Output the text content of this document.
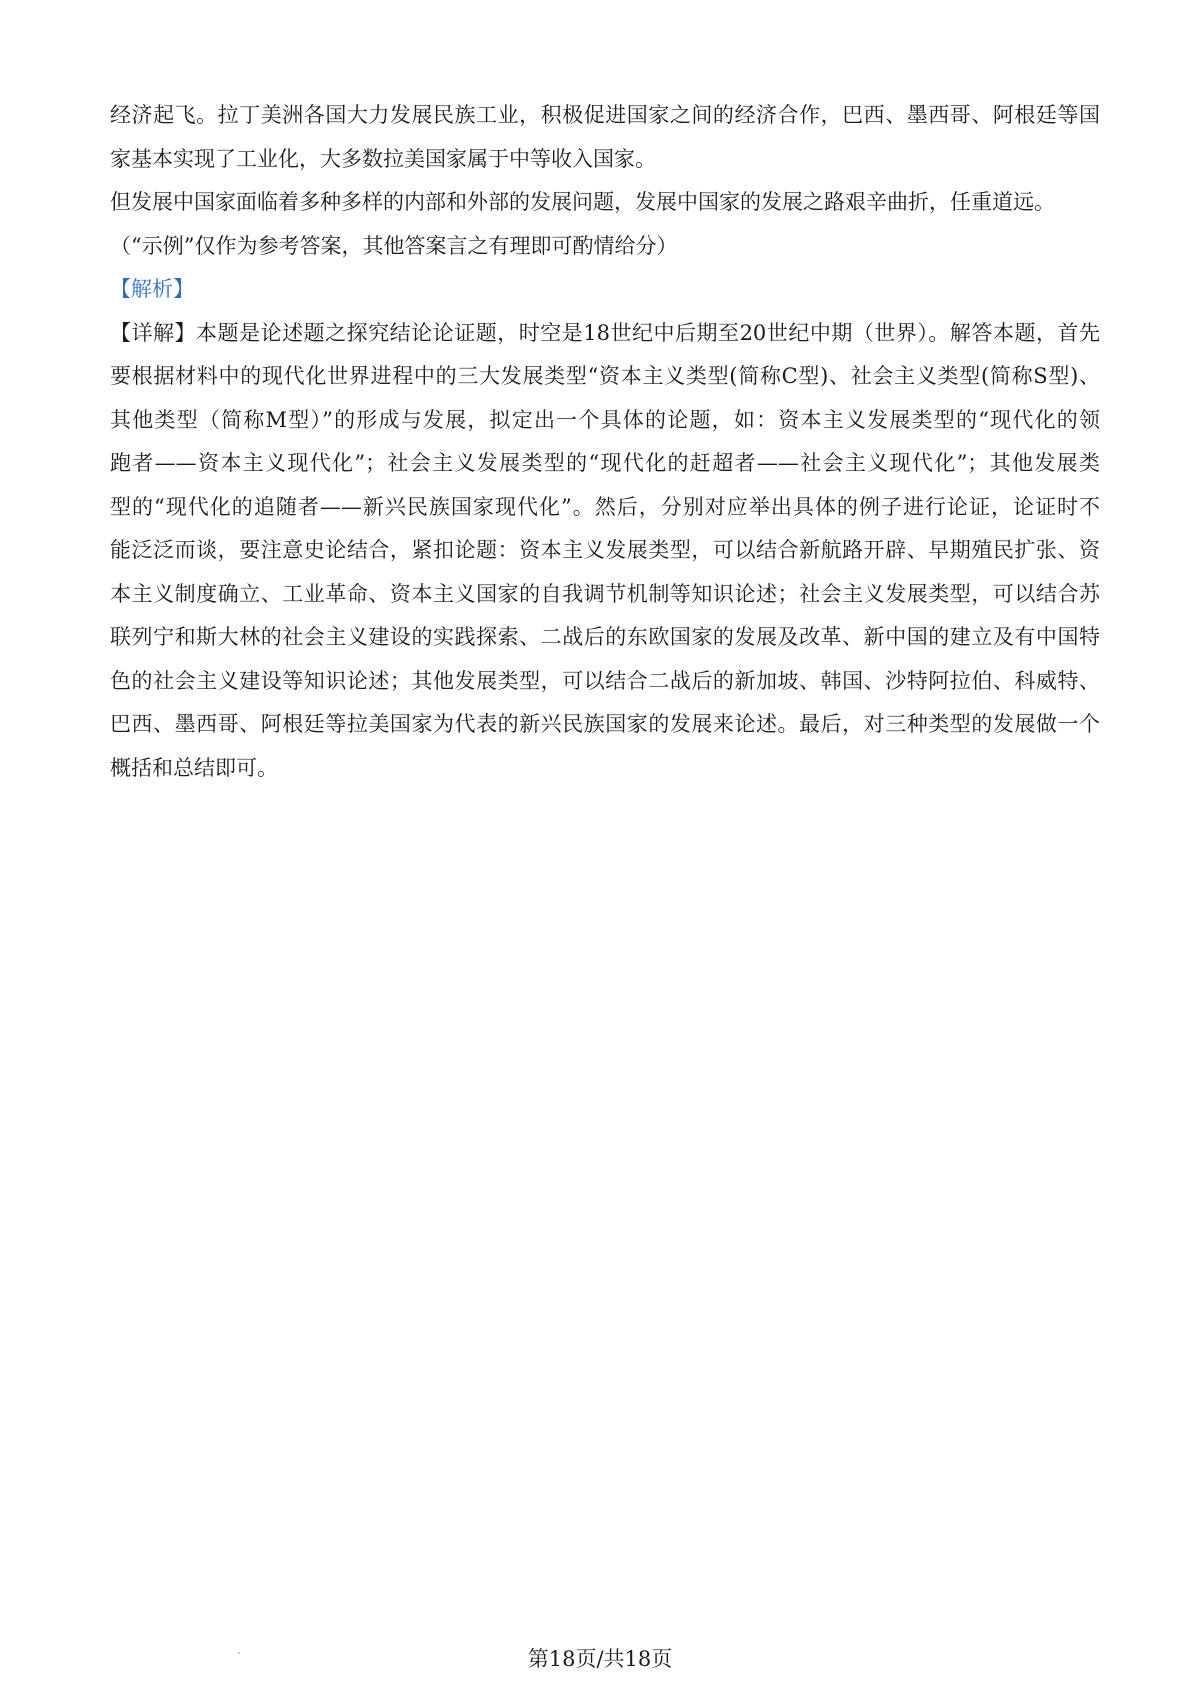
经济起飞。拉丁美洲各国大力发展民族工业，积极促进国家之间的经济合作，巴西、墨西哥、阿根廷等国
家基本实现了工业化，大多数拉美国家属于中等收入国家。
但发展中国家面临着多种多样的内部和外部的发展问题，发展中国家的发展之路艰辛曲折，任重道远。
（“示例”仅作为参考答案，其他答案言之有理即可酌情给分）
【解析】
【详解】本题是论述题之探究结论论证题，时空是18世纪中后期至20世纪中期（世界）。解答本题，首先
要根据材料中的现代化世界进程中的三大发展类型“资本主义类型(简称C型)、社会主义类型(简称S型)、
其他类型（简称M型）”的形成与发展，拟定出一个具体的论题，如：资本主义发展类型的“现代化的领
跑者——资本主义现代化”；社会主义发展类型的“现代化的赶超者——社会主义现代化”；其他发展类
型的“现代化的追随者——新兴民族国家现代化”。然后，分别对应举出具体的例子进行论证，论证时不
能泛泛而谈，要注意史论结合，紧扣论题：资本主义发展类型，可以结合新航路开辟、早期殖民扩张、资
本主义制度确立、工业革命、资本主义国家的自我调节机制等知识论述；社会主义发展类型，可以结合苏
联列宁和斯大林的社会主义建设的实践探索、二战后的东欧国家的发展及改革、新中国的建立及有中国特
色的社会主义建设等知识论述；其他发展类型，可以结合二战后的新加坡、韩国、沙特阿拉伯、科威特、
巴西、墨西哥、阿根廷等拉美国家为代表的新兴民族国家的发展来论述。最后，对三种类型的发展做一个
概括和总结即可。
第18页/共18页
